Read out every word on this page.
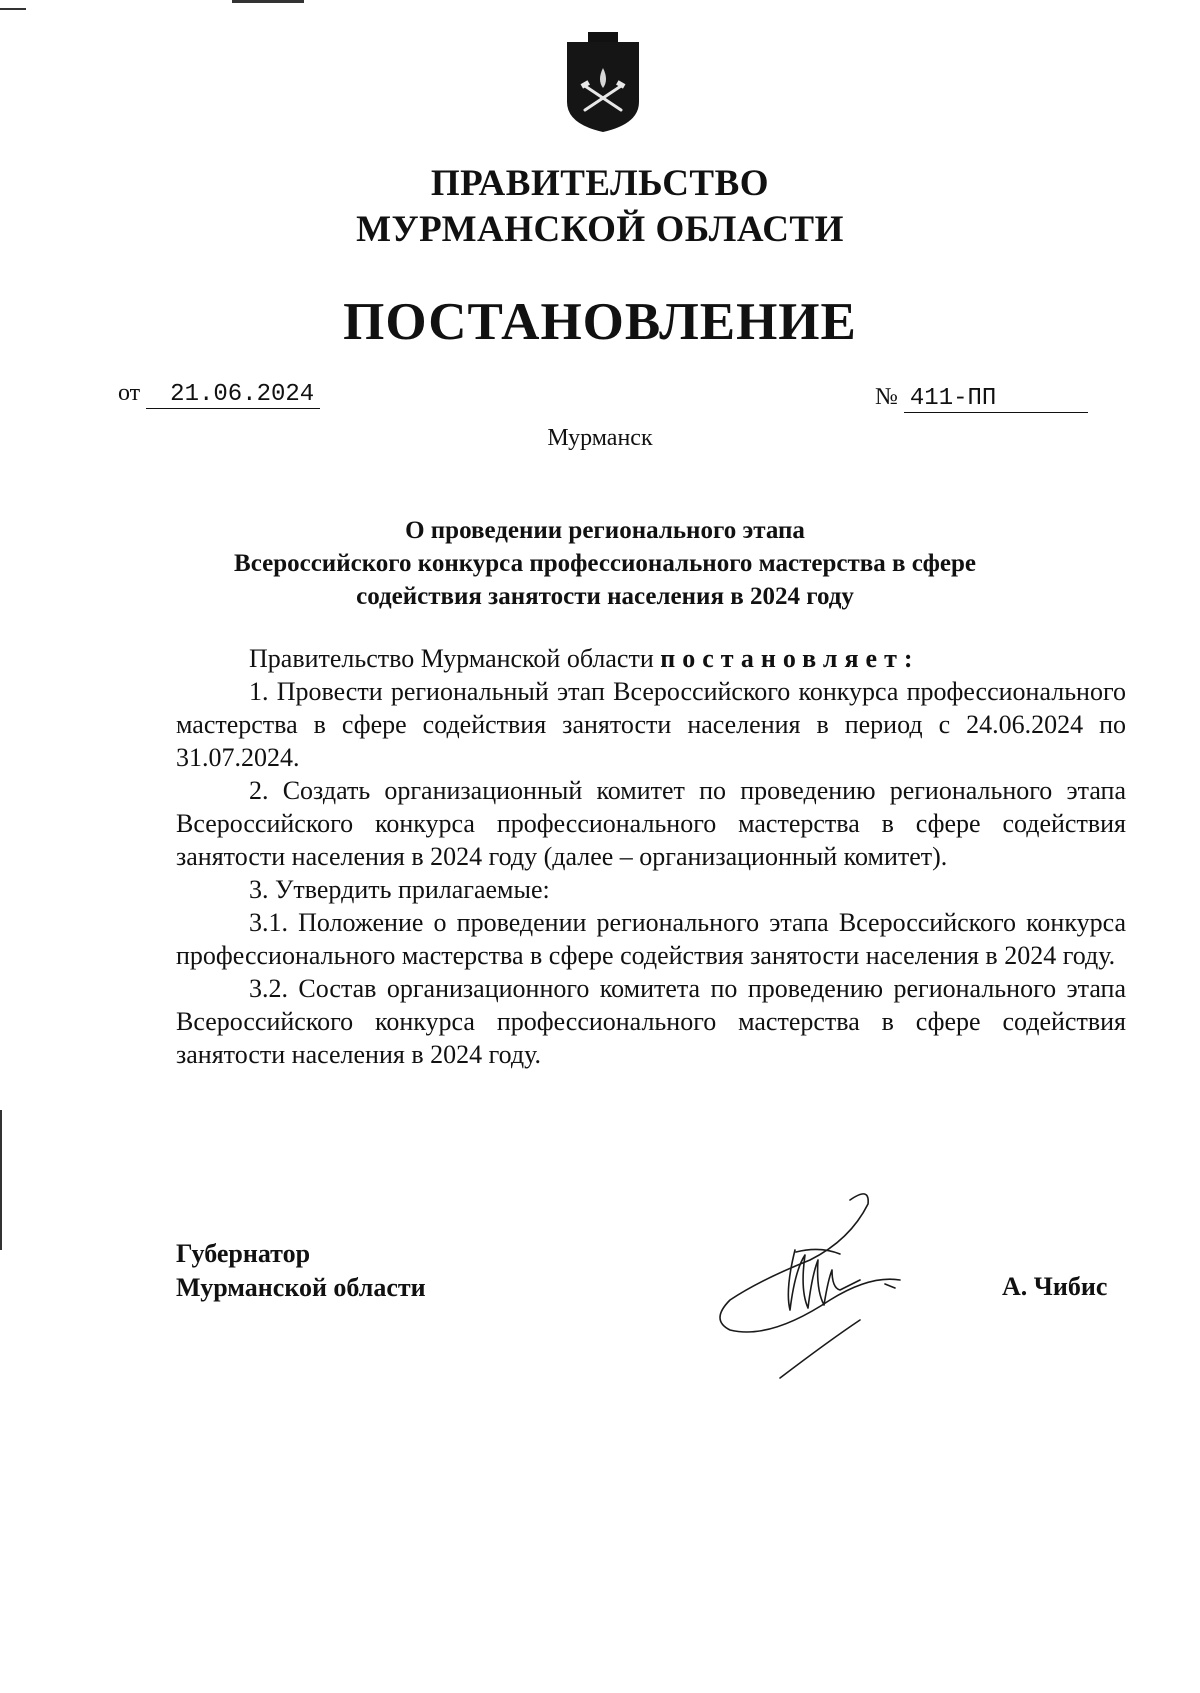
ПРАВИТЕЛЬСТВО
МУРМАНСКОЙ ОБЛАСТИ
ПОСТАНОВЛЕНИЕ
от 21.06.2024	№ 411-ПП
Мурманск
О проведении регионального этапа
Всероссийского конкурса профессионального мастерства в сфере
содействия занятости населения в 2024 году

Правительство Мурманской области постановляет:

1. Провести региональный этап Всероссийского конкурса профессионального мастерства в сфере содействия занятости населения в период с 24.06.2024 по 31.07.2024.

2. Создать организационный комитет по проведению регионального этапа Всероссийского конкурса профессионального мастерства в сфере содействия занятости населения в 2024 году (далее – организационный комитет).

3. Утвердить прилагаемые:

3.1. Положение о проведении регионального этапа Всероссийского конкурса профессионального мастерства в сфере содействия занятости населения в 2024 году.

3.2. Состав организационного комитета по проведению регионального этапа Всероссийского конкурса профессионального мастерства в сфере содействия занятости населения в 2024 году.

Губернатор
Мурманской области	А. Чибис
